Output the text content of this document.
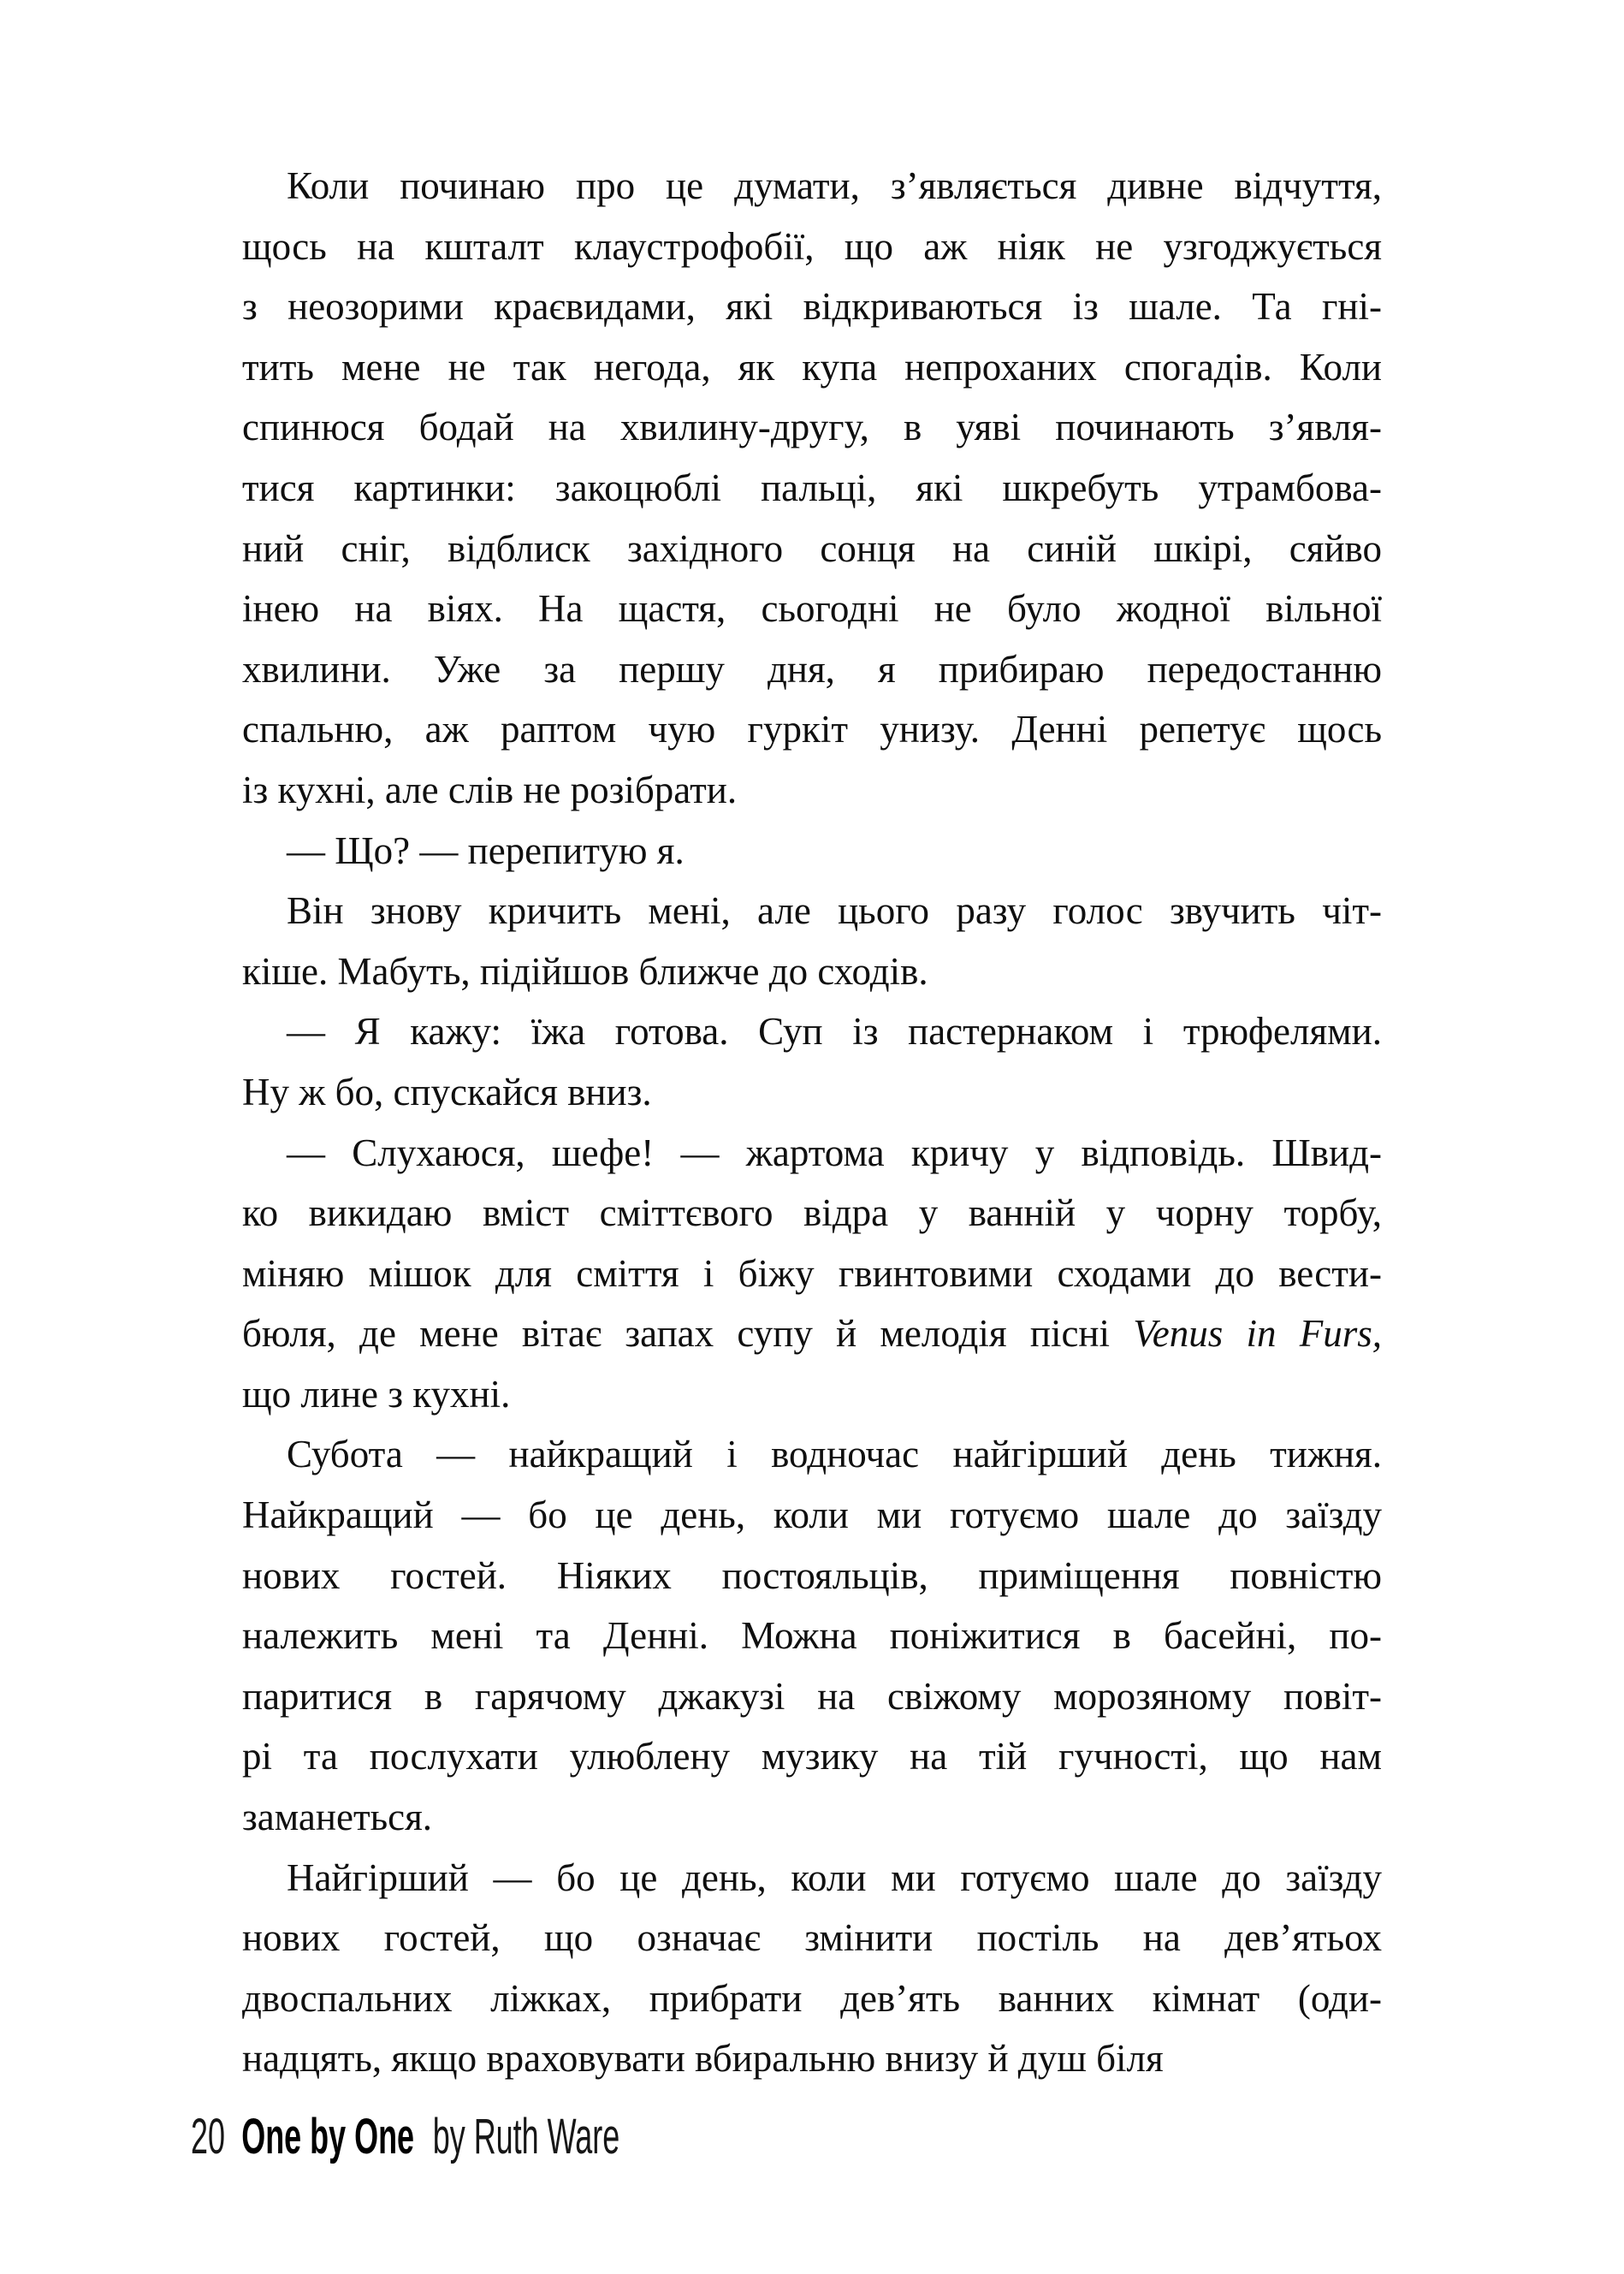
Коли починаю про це думати, з’являється дивне відчуття,
щось на кшталт клаустрофобії, що аж ніяк не узгоджується
з неозорими краєвидами, які відкриваються із шале. Та гні-
тить мене не так негода, як купа непроханих спогадів. Коли
спинюся бодай на хвилину-другу, в уяві починають з’явля-
тися картинки: закоцюблі пальці, які шкребуть утрамбова-
ний сніг, відблиск західного сонця на синій шкірі, сяйво
інею на віях. На щастя, сьогодні не було жодної вільної
хвилини. Уже за першу дня, я прибираю передостанню
спальню, аж раптом чую гуркіт унизу. Денні репетує щось
із кухні, але слів не розібрати.
— Що? — перепитую я.
Він знову кричить мені, але цього разу голос звучить чіт-
кіше. Мабуть, підійшов ближче до сходів.
— Я кажу: їжа готова. Суп із пастернаком і трюфелями.
Ну ж бо, спускайся вниз.
— Слухаюся, шефе! — жартома кричу у відповідь. Швид-
ко викидаю вміст сміттєвого відра у ванній у чорну торбу,
міняю мішок для сміття і біжу гвинтовими сходами до вести-
бюля, де мене вітає запах супу й мелодія пісні Venus in Furs,
що лине з кухні.
Субота — найкращий і водночас найгірший день тижня.
Найкращий — бо це день, коли ми готуємо шале до заїзду
нових гостей. Ніяких постояльців, приміщення повністю
належить мені та Денні. Можна поніжитися в басейні, по-
паритися в гарячому джакузі на свіжому морозяному повіт-
рі та послухати улюблену музику на тій гучності, що нам
заманеться.
Найгірший — бо це день, коли ми готуємо шале до заїзду
нових гостей, що означає змінити постіль на дев’ятьох
двоспальних ліжках, прибрати дев’ять ванних кімнат (оди-
надцять, якщо враховувати вбиральню внизу й душ біля
20 One by One by Ruth Ware
